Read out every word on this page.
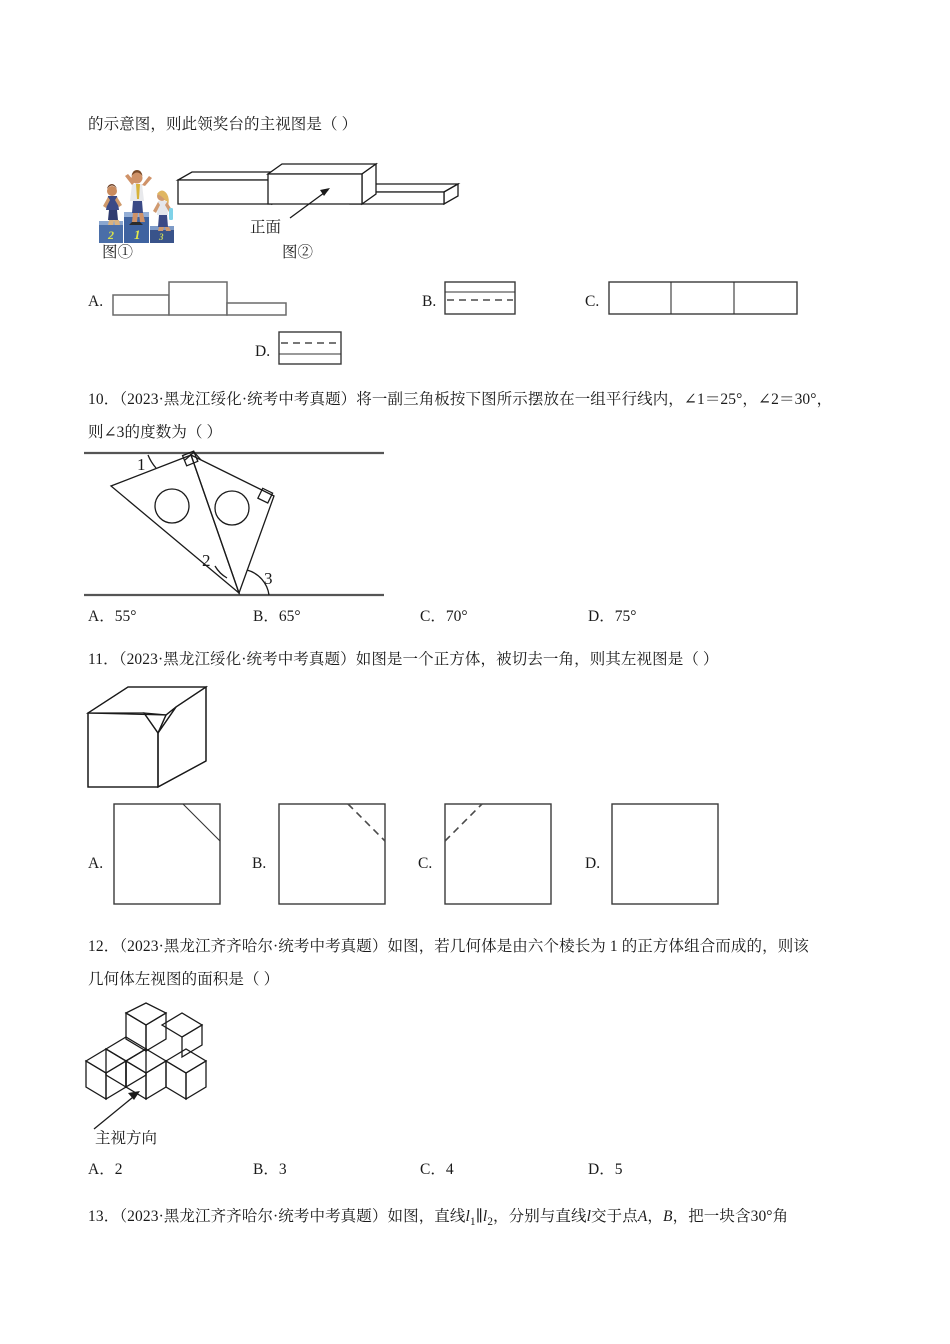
的示意图，则此领奖台的主视图是（ ）
2 1 3
正面
图①	图②
A.	B.	C.
D.
10．（2023·黑龙江绥化·统考中考真题）将一副三角板按下图所示摆放在一组平行线内，∠1＝25°，∠2＝30°，
则∠3的度数为（ ）
1
2
3
A．55°	B．65°	C．70°	D．75°
11．（2023·黑龙江绥化·统考中考真题）如图是一个正方体，被切去一角，则其左视图是（ ）
A.	B.	C.	D.
12．（2023·黑龙江齐齐哈尔·统考中考真题）如图，若几何体是由六个棱长为 1 的正方体组合而成的，则该
几何体左视图的面积是（ ）
主视方向
A．2	B．3	C．4	D．5
13．（2023·黑龙江齐齐哈尔·统考中考真题）如图，直线$l_1\parallel l_2$，分别与直线l交于点A，B，把一块含30°角
